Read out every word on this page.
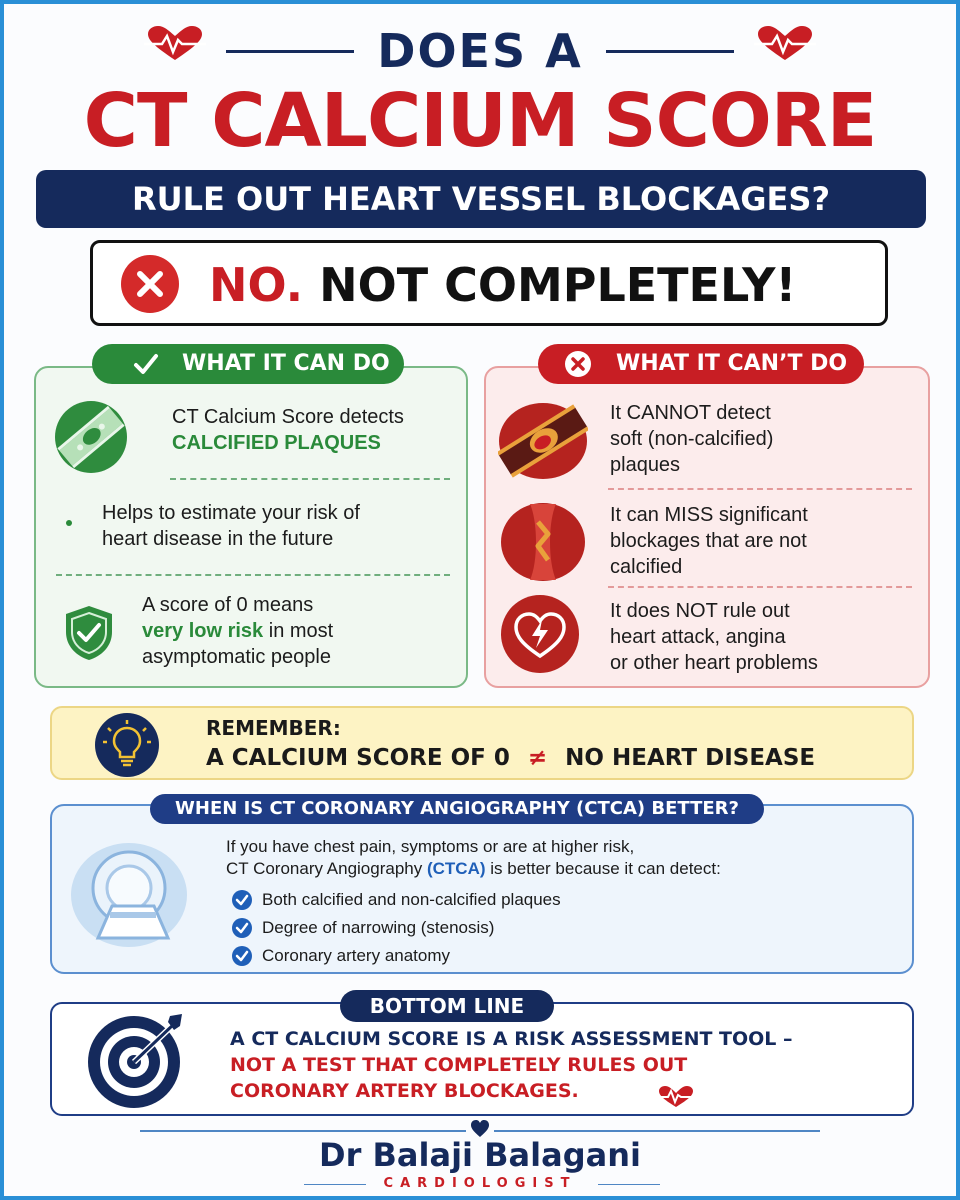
DOES A
CT CALCIUM SCORE
RULE OUT HEART VESSEL BLOCKAGES?
NO. NOT COMPLETELY!
WHAT IT CAN DO
CT Calcium Score detects
CALCIFIED PLAQUES
Helps to estimate your risk of
heart disease in the future
A score of 0 means
very low risk in most
asymptomatic people
WHAT IT CAN’T DO
It CANNOT detect
soft (non-calcified)
plaques
It can MISS significant
blockages that are not
calcified
It does NOT rule out
heart attack, angina
or other heart problems
REMEMBER:
A CALCIUM SCORE OF 0 ≠ NO HEART DISEASE
WHEN IS CT CORONARY ANGIOGRAPHY (CTCA) BETTER?
If you have chest pain, symptoms or are at higher risk,
CT Coronary Angiography (CTCA) is better because it can detect:
Both calcified and non-calcified plaques
Degree of narrowing (stenosis)
Coronary artery anatomy
BOTTOM LINE
A CT CALCIUM SCORE IS A RISK ASSESSMENT TOOL –
NOT A TEST THAT COMPLETELY RULES OUT
CORONARY ARTERY BLOCKAGES.
Dr Balaji Balagani
CARDIOLOGIST
